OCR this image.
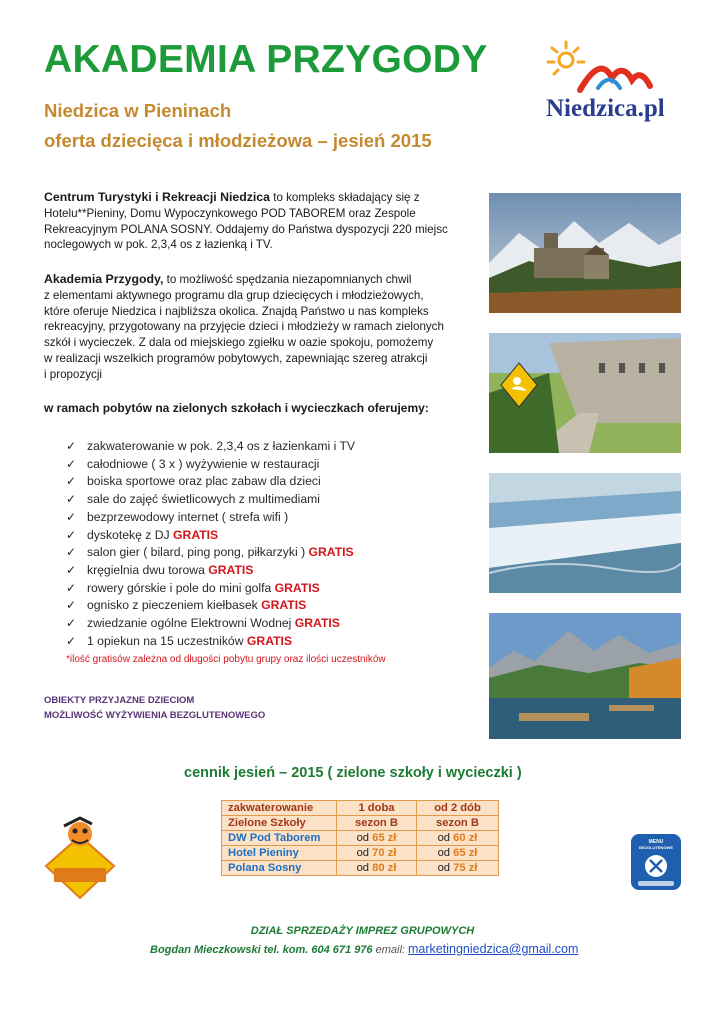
AKADEMIA PRZYGODY
Niedzica w Pieninach
oferta dziecięca i młodzieżowa – jesień 2015
Niedzica.pl
Centrum Turystyki i Rekreacji Niedzica to kompleks składający się z Hotelu**Pieniny, Domu Wypoczynkowego POD TABOREM oraz Zespole Rekreacyjnym POLANA SOSNY. Oddajemy do Państwa dyspozycji 220 miejsc noclegowych w pok. 2,3,4 os z łazienką i TV.
Akademia Przygody, to możliwość spędzania niezapomnianych chwil
z elementami aktywnego programu dla grup dziecięcych i młodzieżowych,
które oferuje Niedzica i najbliższa okolica. Znajdą Państwo u nas kompleks
rekreacyjny, przygotowany na przyjęcie dzieci i młodzieży w ramach zielonych
szkół i wycieczek. Z dala od miejskiego zgiełku w oazie spokoju, pomożemy
w realizacji wszelkich programów pobytowych, zapewniając szereg atrakcji
i propozycji
w ramach pobytów na zielonych szkołach i wycieczkach oferujemy:
✓ zakwaterowanie w pok. 2,3,4 os z łazienkami i TV
✓ całodniowe ( 3 x ) wyżywienie w restauracji
✓ boiska sportowe oraz plac zabaw dla dzieci
✓ sale do zajęć świetlicowych z multimediami
✓ bezprzewodowy internet ( strefa wifi )
✓ dyskotekę z DJ GRATIS
✓ salon gier ( bilard, ping pong, piłkarzyki ) GRATIS
✓ kręgielnia dwu torowa GRATIS
✓ rowery górskie i pole do mini golfa GRATIS
✓ ognisko z pieczeniem kiełbasek GRATIS
✓ zwiedzanie ogólne Elektrowni Wodnej GRATIS
✓ 1 opiekun na 15 uczestników GRATIS
*ilość gratisów zależna od długości pobytu grupy oraz ilości uczestników
OBIEKTY PRZYJAZNE DZIECIOM
MOŻLIWOŚĆ WYŻYWIENIA BEZGLUTENOWEGO
cennik jesień – 2015 ( zielone szkoły i wycieczki )
zakwaterowanie	1 doba	od 2 dób
Zielone Szkoły	sezon B	sezon B
DW Pod Taborem	od 65 zł	od 60 zł
Hotel Pieniny	od 70 zł	od 65 zł
Polana Sosny	od 80 zł	od 75 zł
MENU
BEZGLUTENOWE
DZIAŁ SPRZEDAŻY IMPREZ GRUPOWYCH
Bogdan Mieczkowski tel. kom. 604 671 976 email: marketingniedzica@gmail.com
